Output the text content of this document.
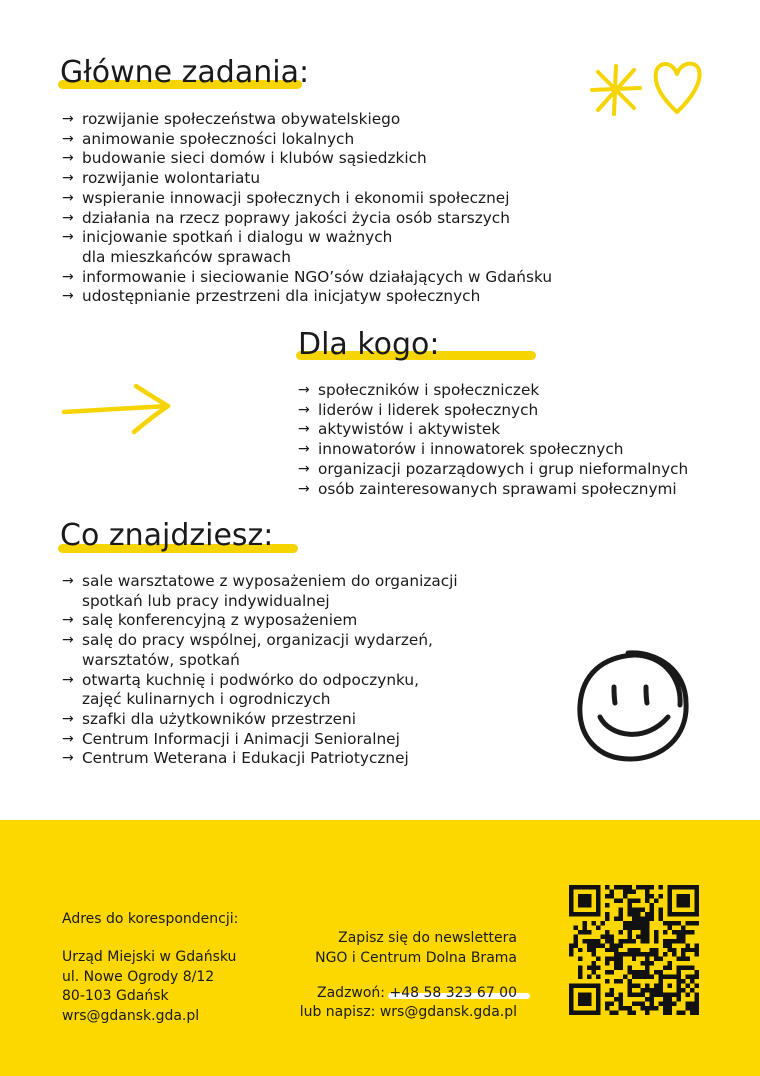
Główne zadania:
→ rozwijanie społeczeństwa obywatelskiego
→ animowanie społeczności lokalnych
→ budowanie sieci domów i klubów sąsiedzkich
→ rozwijanie wolontariatu
→ wspieranie innowacji społecznych i ekonomii społecznej
→ działania na rzecz poprawy jakości życia osób starszych
→ inicjowanie spotkań i dialogu w ważnych
dla mieszkańców sprawach
→ informowanie i sieciowanie NGO’sów działających w Gdańsku
→ udostępnianie przestrzeni dla inicjatyw społecznych
Dla kogo:
→ społeczników i społeczniczek
→ liderów i liderek społecznych
→ aktywistów i aktywistek
→ innowatorów i innowatorek społecznych
→ organizacji pozarządowych i grup nieformalnych
→ osób zainteresowanych sprawami społecznymi
Co znajdziesz:
→ sale warsztatowe z wyposażeniem do organizacji
spotkań lub pracy indywidualnej
→ salę konferencyjną z wyposażeniem
→ salę do pracy wspólnej, organizacji wydarzeń,
warsztatów, spotkań
→ otwartą kuchnię i podwórko do odpoczynku,
zajęć kulinarnych i ogrodniczych
→ szafki dla użytkowników przestrzeni
→ Centrum Informacji i Animacji Senioralnej
→ Centrum Weterana i Edukacji Patriotycznej
Adres do korespondencji:
Urząd Miejski w Gdańsku
ul. Nowe Ogrody 8/12
80-103 Gdańsk
wrs@gdansk.gda.pl
Zapisz się do newslettera
NGO i Centrum Dolna Brama
Zadzwoń: +48 58 323 67 00
lub napisz: wrs@gdansk.gda.pl
